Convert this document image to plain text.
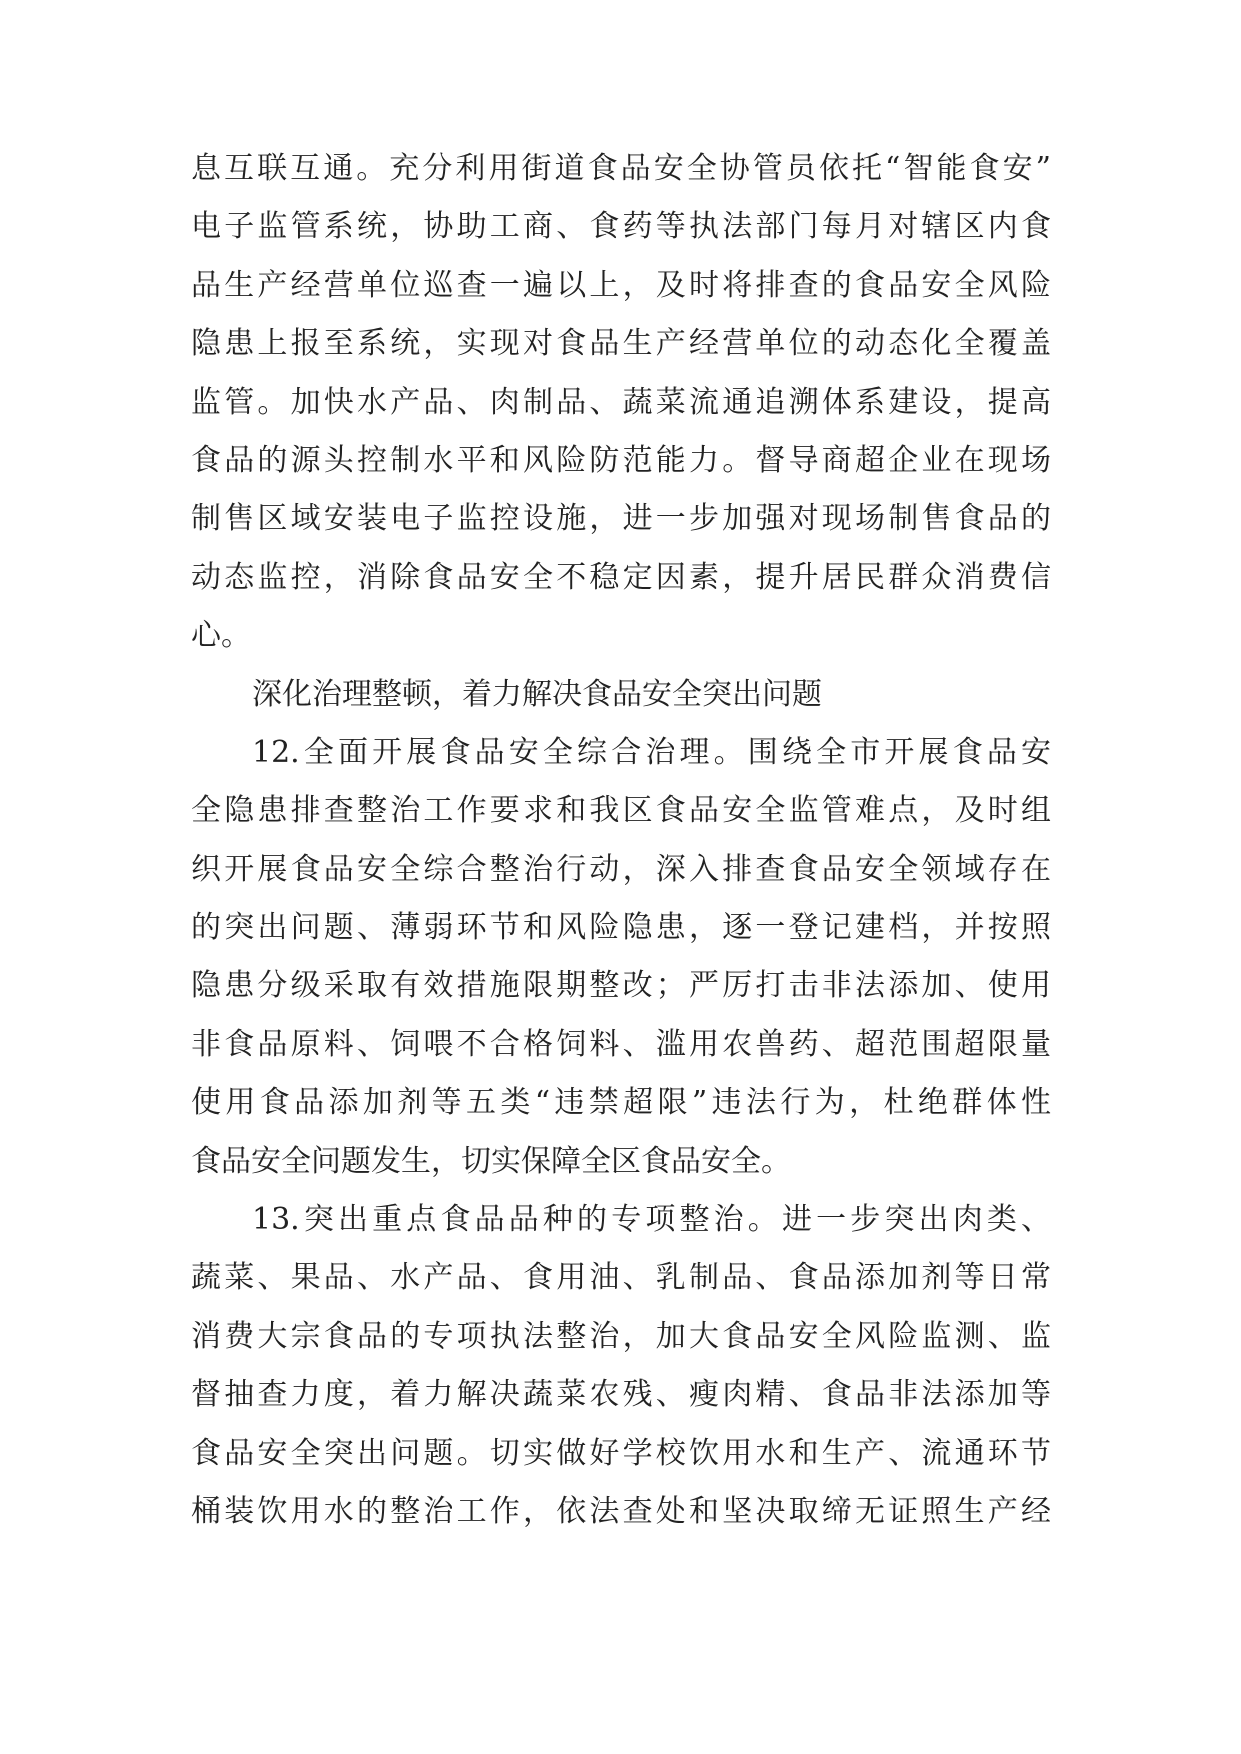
息互联互通。充分利用街道食品安全协管员依托“智能食安”
电子监管系统，协助工商、食药等执法部门每月对辖区内食
品生产经营单位巡查一遍以上，及时将排查的食品安全风险
隐患上报至系统，实现对食品生产经营单位的动态化全覆盖
监管。加快水产品、肉制品、蔬菜流通追溯体系建设，提高
食品的源头控制水平和风险防范能力。督导商超企业在现场
制售区域安装电子监控设施，进一步加强对现场制售食品的
动态监控，消除食品安全不稳定因素，提升居民群众消费信
心。
深化治理整顿，着力解决食品安全突出问题
12.全面开展食品安全综合治理。围绕全市开展食品安
全隐患排查整治工作要求和我区食品安全监管难点，及时组
织开展食品安全综合整治行动，深入排查食品安全领域存在
的突出问题、薄弱环节和风险隐患，逐一登记建档，并按照
隐患分级采取有效措施限期整改；严厉打击非法添加、使用
非食品原料、饲喂不合格饲料、滥用农兽药、超范围超限量
使用食品添加剂等五类“违禁超限”违法行为，杜绝群体性
食品安全问题发生，切实保障全区食品安全。
13.突出重点食品品种的专项整治。进一步突出肉类、
蔬菜、果品、水产品、食用油、乳制品、食品添加剂等日常
消费大宗食品的专项执法整治，加大食品安全风险监测、监
督抽查力度，着力解决蔬菜农残、瘦肉精、食品非法添加等
食品安全突出问题。切实做好学校饮用水和生产、流通环节
桶装饮用水的整治工作，依法查处和坚决取缔无证照生产经
